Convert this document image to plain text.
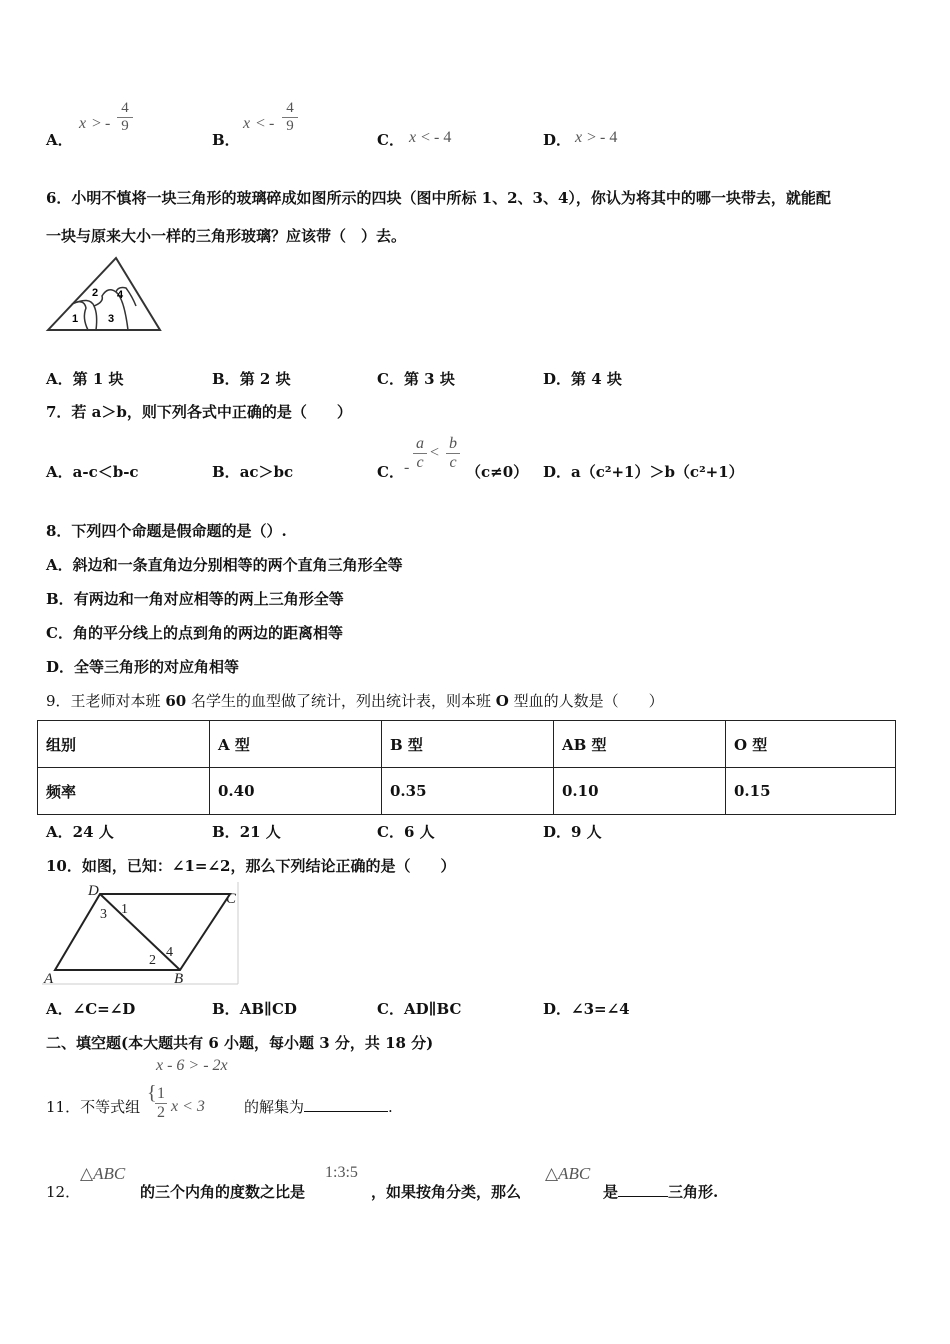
A．
x > - $\frac{4}{9}$
B．
x < - $\frac{4}{9}$
C． x < - 4	D． x > - 4
6．小明不慎将一块三角形的玻璃碎成如图所示的四块（图中所标 1、2、3、4），你认为将其中的哪一块带去，就能配
一块与原来大小一样的三角形玻璃？应该带（　）去。
1
2
3
4
A．第 1 块	B．第 2 块	C．第 3 块	D．第 4 块
7．若 a＞b，则下列各式中正确的是（　　）
A．a-c＜b-c	B．ac＞bc	C． - $\frac{a}{c} < \frac{b}{c} (c\ne 0)$ D．a（c²+1）＞b（c²+1）
8．下列四个命题是假命题的是（）.
A．斜边和一条直角边分别相等的两个直角三角形全等
B．有两边和一角对应相等的两上三角形全等
C．角的平分线上的点到角的两边的距离相等
D．全等三角形的对应角相等
9．王老师对本班 60 名学生的血型做了统计，列出统计表，则本班 O 型血的人数是（　　）
组别	A 型	B 型	AB 型	O 型
频率	0.40	0.35	0.10	0.15
A．24 人	B．21 人	C．6 人	D．9 人
10．如图，已知：∠1=∠2，那么下列结论正确的是（　　）
A	B
C
D
1
2
3
4
A．∠C=∠D	B．AB∥CD	C．AD∥BC	D．∠3=∠4
二、填空题(本大题共有 6 小题，每小题 3 分，共 18 分)
x - 6 > - 2x
11．不等式组
{
$\frac{1}{2}$ x < 3	的解集为	.
12．
△ABC
的三个内角的度数之比是
1:3:5
，如果按角分类，那么
△ABC
是	三角形.
